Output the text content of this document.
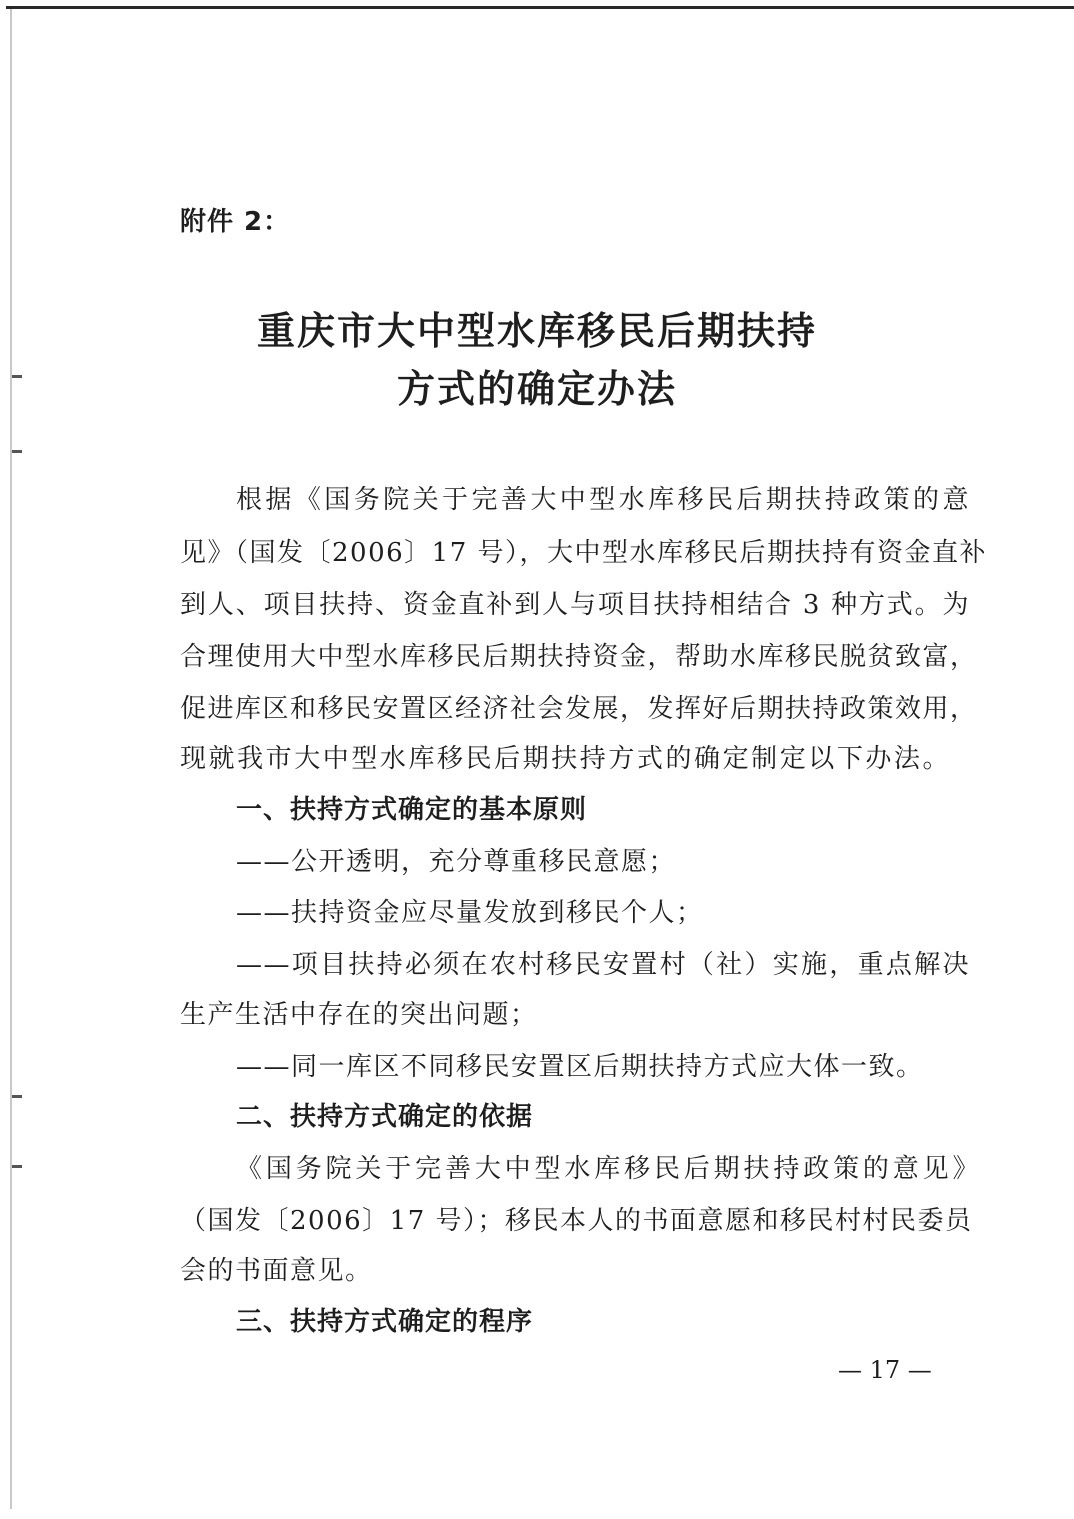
附件 2：
重庆市大中型水库移民后期扶持
方式的确定办法
根据《国务院关于完善大中型水库移民后期扶持政策的意
见》（国发〔2006〕17 号），大中型水库移民后期扶持有资金直补
到人、项目扶持、资金直补到人与项目扶持相结合 3 种方式。为
合理使用大中型水库移民后期扶持资金，帮助水库移民脱贫致富，
促进库区和移民安置区经济社会发展，发挥好后期扶持政策效用，
现就我市大中型水库移民后期扶持方式的确定制定以下办法。
一、扶持方式确定的基本原则
——公开透明，充分尊重移民意愿；
——扶持资金应尽量发放到移民个人；
——项目扶持必须在农村移民安置村（社）实施，重点解决
生产生活中存在的突出问题；
——同一库区不同移民安置区后期扶持方式应大体一致。
二、扶持方式确定的依据
《国务院关于完善大中型水库移民后期扶持政策的意见》
（国发〔2006〕17 号）；移民本人的书面意愿和移民村村民委员
会的书面意见。
三、扶持方式确定的程序
— 17 —
